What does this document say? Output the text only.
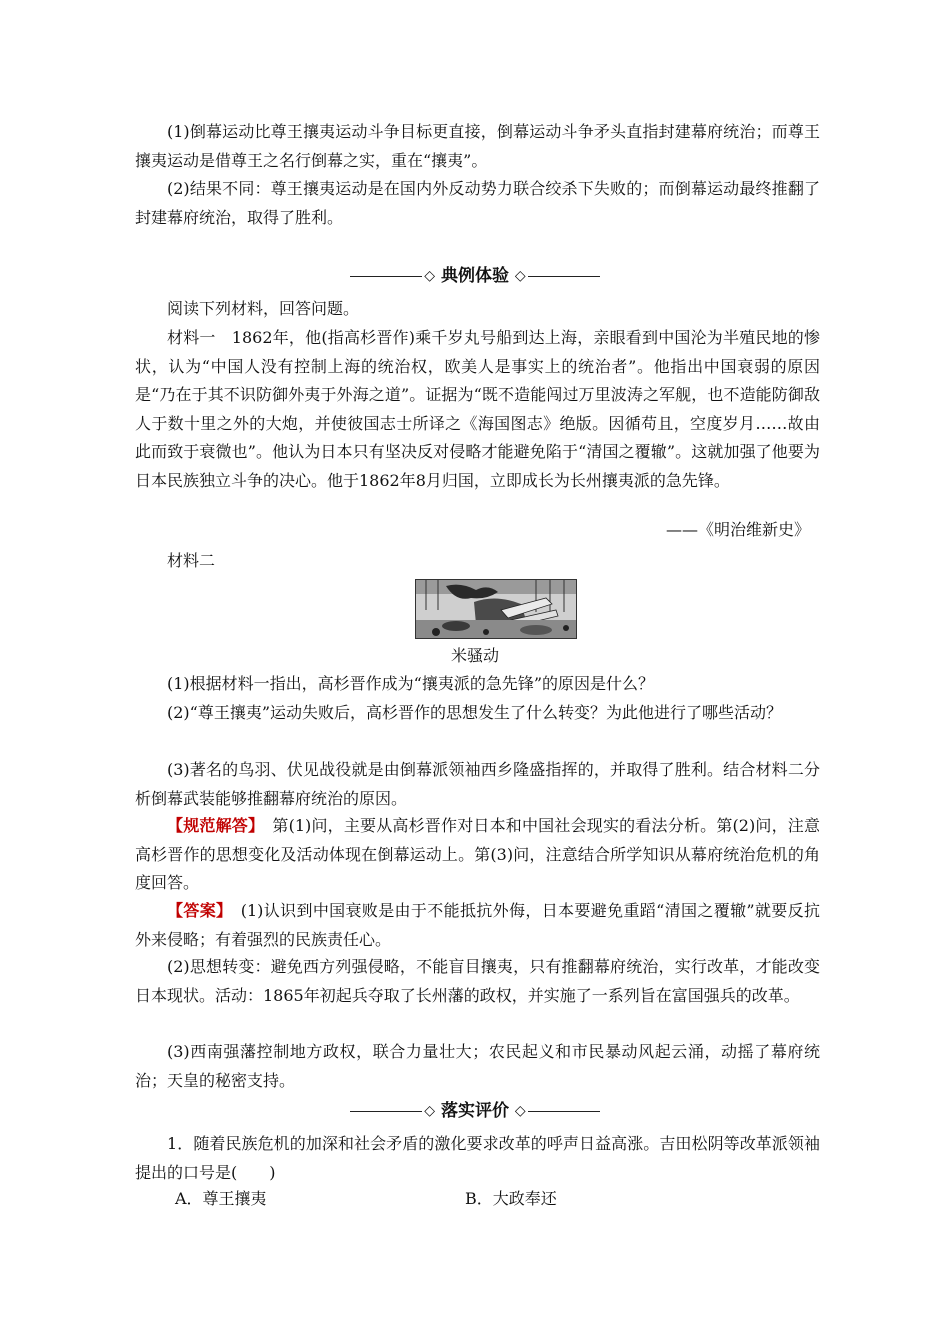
(1)倒幕运动比尊王攘夷运动斗争目标更直接，倒幕运动斗争矛头直指封建幕府统治；而尊王攘夷运动是借尊王之名行倒幕之实，重在“攘夷”。

(2)结果不同：尊王攘夷运动是在国内外反动势力联合绞杀下失败的；而倒幕运动最终推翻了封建幕府统治，取得了胜利。

◇ 典例体验 ◇

阅读下列材料，回答问题。

材料一　1862年，他(指高杉晋作)乘千岁丸号船到达上海，亲眼看到中国沦为半殖民地的惨状，认为“中国人没有控制上海的统治权，欧美人是事实上的统治者”。他指出中国衰弱的原因是“乃在于其不识防御外夷于外海之道”。证据为“既不造能闯过万里波涛之军舰，也不造能防御敌人于数十里之外的大炮，并使彼国志士所译之《海国图志》绝版。因循苟且，空度岁月……故由此而致于衰微也”。他认为日本只有坚决反对侵略才能避免陷于“清国之覆辙”。这就加强了他要为日本民族独立斗争的决心。他于1862年8月归国，立即成长为长州攘夷派的急先锋。

——《明治维新史》

材料二

米骚动

(1)根据材料一指出，高杉晋作成为“攘夷派的急先锋”的原因是什么？

(2)“尊王攘夷”运动失败后，高杉晋作的思想发生了什么转变？为此他进行了哪些活动？

(3)著名的鸟羽、伏见战役就是由倒幕派领袖西乡隆盛指挥的，并取得了胜利。结合材料二分析倒幕武装能够推翻幕府统治的原因。

【规范解答】　第(1)问，主要从高杉晋作对日本和中国社会现实的看法分析。第(2)问，注意高杉晋作的思想变化及活动体现在倒幕运动上。第(3)问，注意结合所学知识从幕府统治危机的角度回答。

【答案】　(1)认识到中国衰败是由于不能抵抗外侮，日本要避免重蹈“清国之覆辙”就要反抗外来侵略；有着强烈的民族责任心。

(2)思想转变：避免西方列强侵略，不能盲目攘夷，只有推翻幕府统治，实行改革，才能改变日本现状。活动：1865年初起兵夺取了长州藩的政权，并实施了一系列旨在富国强兵的改革。

(3)西南强藩控制地方政权，联合力量壮大；农民起义和市民暴动风起云涌，动摇了幕府统治；天皇的秘密支持。

◇ 落实评价 ◇

1．随着民族危机的加深和社会矛盾的激化要求改革的呼声日益高涨。吉田松阴等改革派领袖提出的口号是(　　)

A．尊王攘夷	B．大政奉还
